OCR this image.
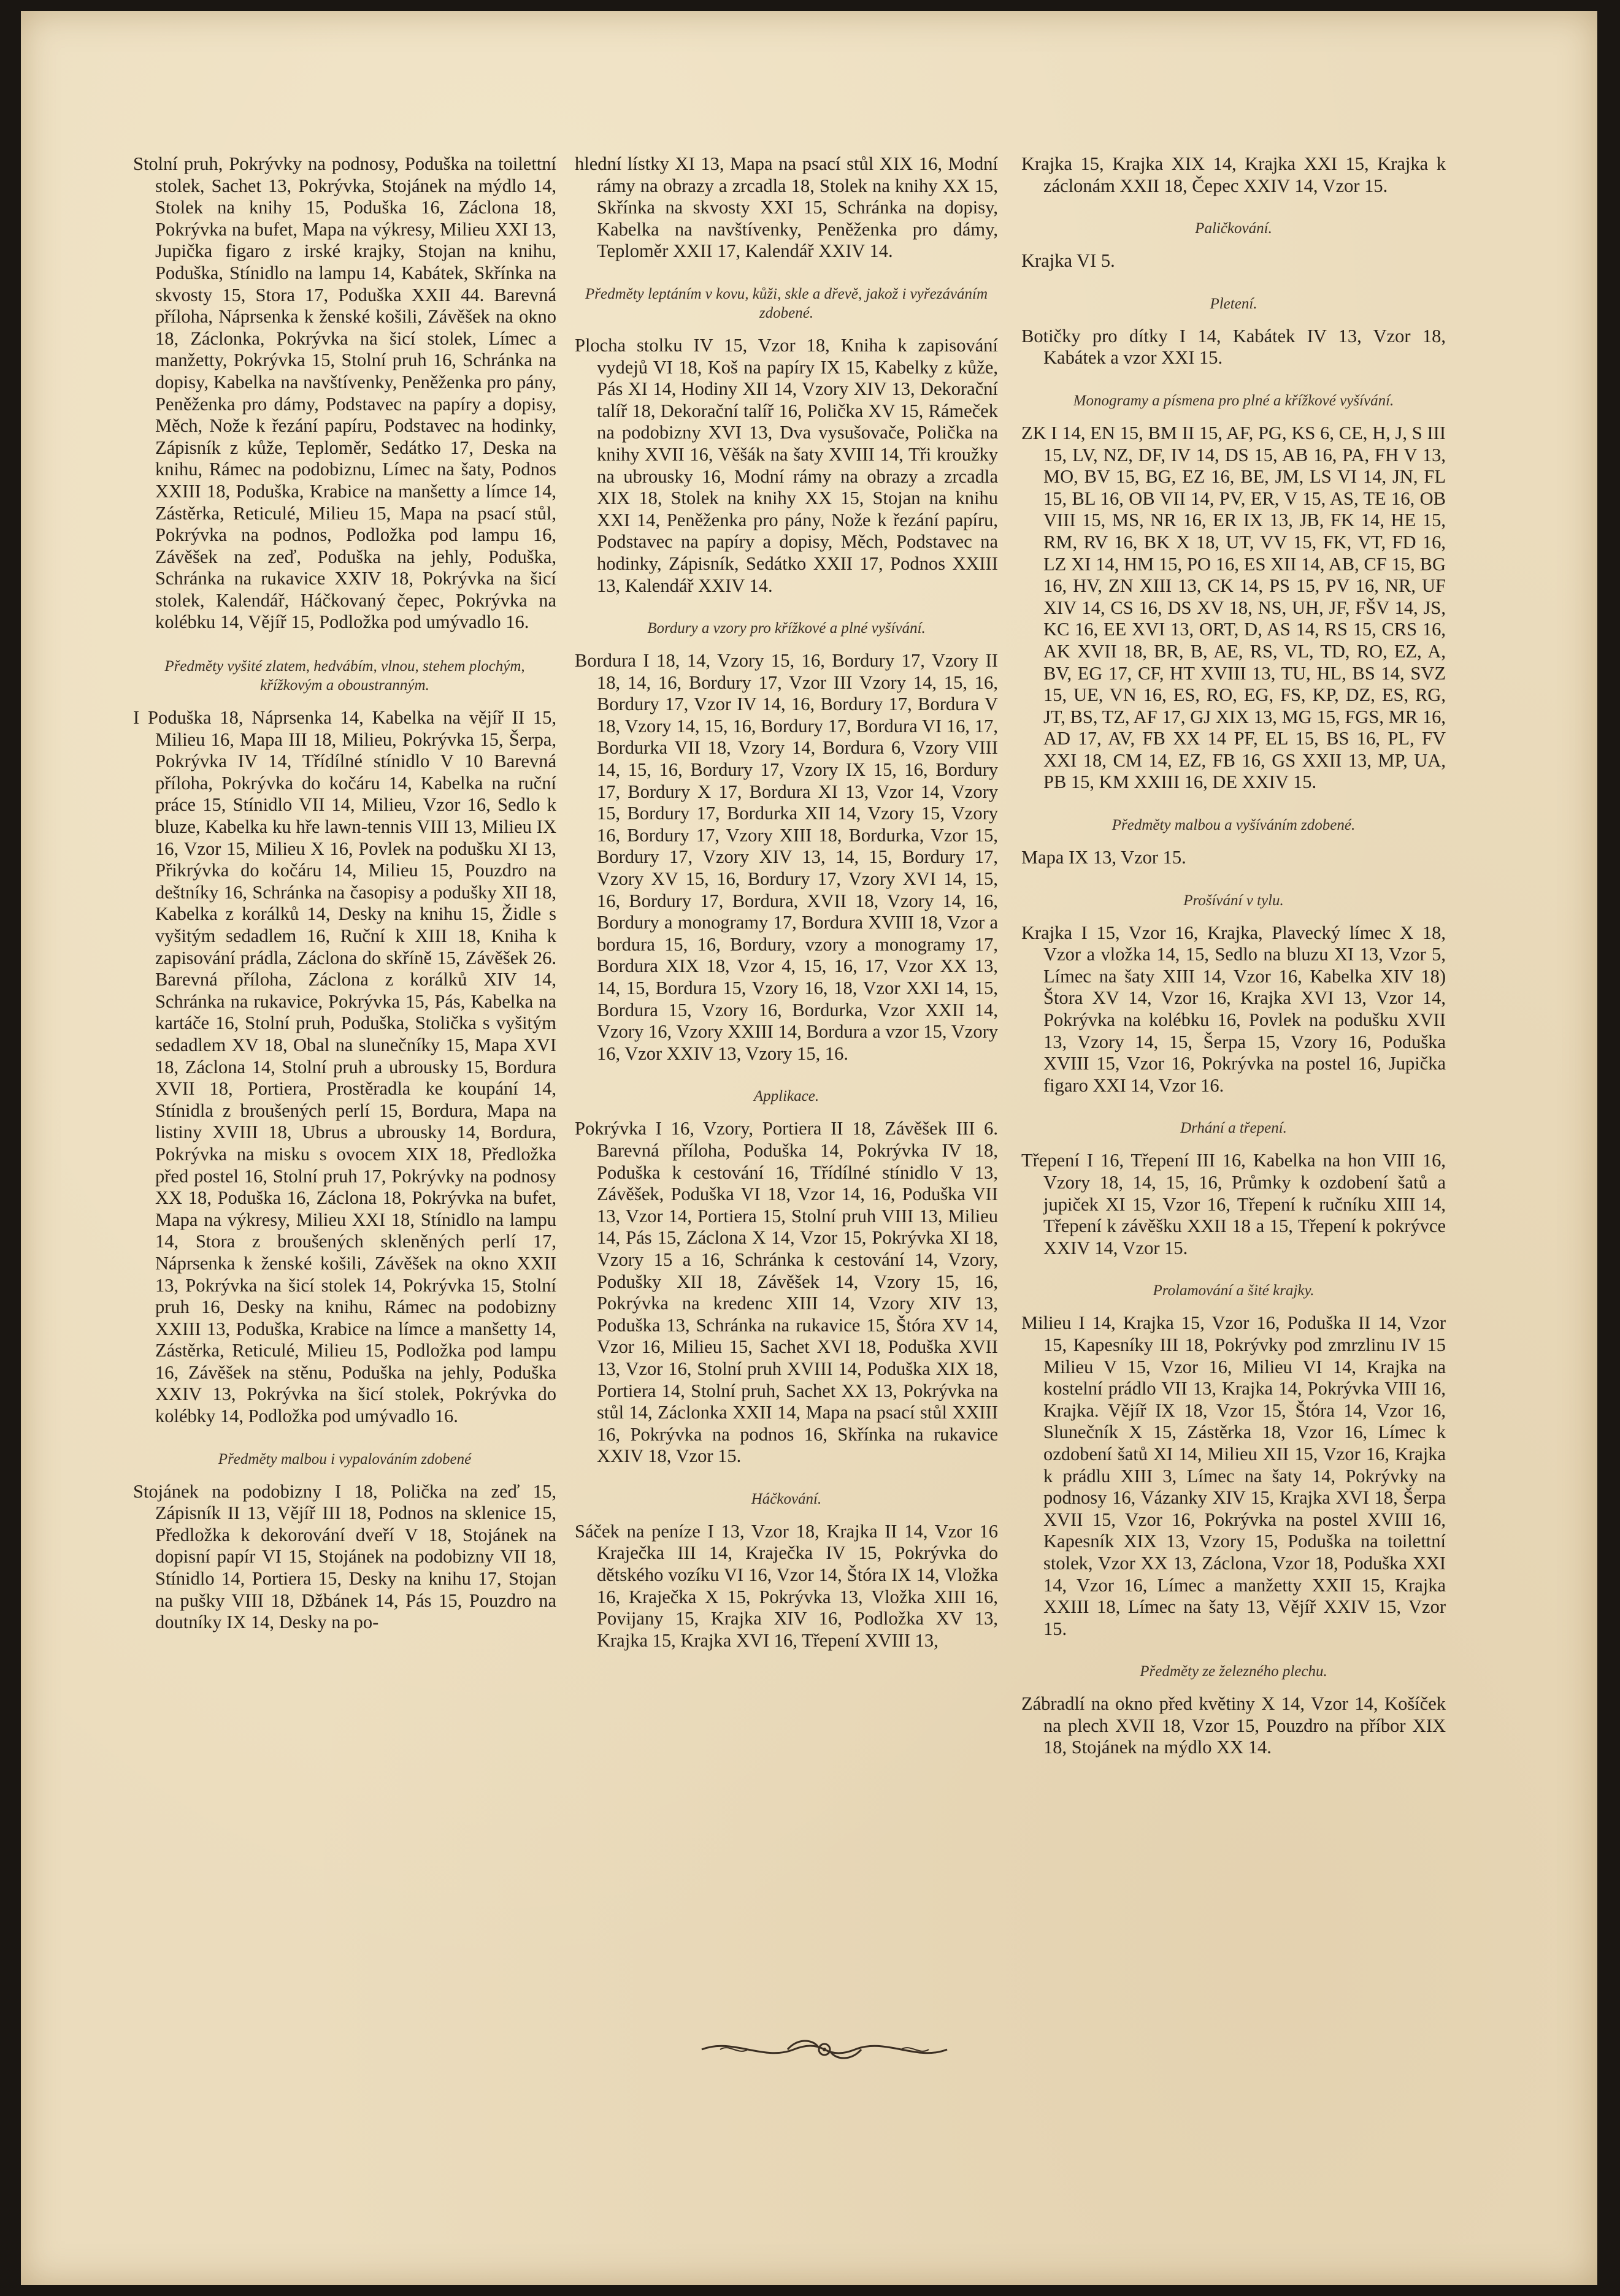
Stolní pruh, Pokrývky na podnosy, Poduška na toilettní stolek, Sachet 13, Pokrývka, Stojánek na mýdlo 14, Stolek na knihy 15, Poduška 16, Záclona 18, Pokrývka na bufet, Mapa na výkresy, Milieu XXI 13, Jupička figaro z irské krajky, Stojan na knihu, Poduška, Stínidlo na lampu 14, Kabátek, Skřínka na skvosty 15, Stora 17, Poduška XXII 44. Barevná příloha, Náprsenka k ženské košili, Závěšek na okno 18, Záclonka, Pokrývka na šicí stolek, Límec a manžetty, Pokrývka 15, Stolní pruh 16, Schránka na dopisy, Kabelka na navštívenky, Peněženka pro pány, Peněženka pro dámy, Podstavec na papíry a dopisy, Měch, Nože k řezání papíru, Podstavec na hodinky, Zápisník z kůže, Teploměr, Sedátko 17, Deska na knihu, Rámec na podobiznu, Límec na šaty, Podnos XXIII 18, Poduška, Krabice na manšetty a límce 14, Zástěrka, Reticulé, Milieu 15, Mapa na psací stůl, Pokrývka na podnos, Podložka pod lampu 16, Závěšek na zeď, Poduška na jehly, Poduška, Schránka na rukavice XXIV 18, Pokrývka na šicí stolek, Kalendář, Háčkovaný čepec, Pokrývka na kolébku 14, Vějíř 15, Podložka pod umývadlo 16.

Předměty vyšité zlatem, hedvábím, vlnou, stehem plochým, křížkovým a oboustranným.

I Poduška 18, Náprsenka 14, Kabelka na vějíř II 15, Milieu 16, Mapa III 18, Milieu, Pokrývka 15, Šerpa, Pokrývka IV 14, Třídílné stínidlo V 10 Barevná příloha, Pokrývka do kočáru 14, Kabelka na ruční práce 15, Stínidlo VII 14, Milieu, Vzor 16, Sedlo k bluze, Kabelka ku hře lawn-tennis VIII 13, Milieu IX 16, Vzor 15, Milieu X 16, Povlek na podušku XI 13, Přikrývka do kočáru 14, Milieu 15, Pouzdro na deštníky 16, Schránka na časopisy a podušky XII 18, Kabelka z korálků 14, Desky na knihu 15, Židle s vyšitým sedadlem 16, Ruční k XIII 18, Kniha k zapisování prádla, Záclona do skříně 15, Závěšek 26. Barevná příloha, Záclona z korálků XIV 14, Schránka na rukavice, Pokrývka 15, Pás, Kabelka na kartáče 16, Stolní pruh, Poduška, Stolička s vyšitým sedadlem XV 18, Obal na slunečníky 15, Mapa XVI 18, Záclona 14, Stolní pruh a ubrousky 15, Bordura XVII 18, Portiera, Prostěradla ke koupání 14, Stínidla z broušených perlí 15, Bordura, Mapa na listiny XVIII 18, Ubrus a ubrousky 14, Bordura, Pokrývka na misku s ovocem XIX 18, Předložka před postel 16, Stolní pruh 17, Pokrývky na podnosy XX 18, Poduška 16, Záclona 18, Pokrývka na bufet, Mapa na výkresy, Milieu XXI 18, Stínidlo na lampu 14, Stora z broušených skleněných perlí 17, Náprsenka k ženské košili, Závěšek na okno XXII 13, Pokrývka na šicí stolek 14, Pokrývka 15, Stolní pruh 16, Desky na knihu, Rámec na podobizny XXIII 13, Poduška, Krabice na límce a manšetty 14, Zástěrka, Reticulé, Milieu 15, Podložka pod lampu 16, Závěšek na stěnu, Poduška na jehly, Poduška XXIV 13, Pokrývka na šicí stolek, Pokrývka do kolébky 14, Podložka pod umývadlo 16.

Předměty malbou i vypalováním zdobené

Stojánek na podobizny I 18, Polička na zeď 15, Zápisník II 13, Vějíř III 18, Podnos na sklenice 15, Předložka k dekorování dveří V 18, Stojánek na dopisní papír VI 15, Stojánek na podobizny VII 18, Stínidlo 14, Portiera 15, Desky na knihu 17, Stojan na pušky VIII 18, Džbánek 14, Pás 15, Pouzdro na doutníky IX 14, Desky na po-

hlední lístky XI 13, Mapa na psací stůl XIX 16, Modní rámy na obrazy a zrcadla 18, Stolek na knihy XX 15, Skřínka na skvosty XXI 15, Schránka na dopisy, Kabelka na navštívenky, Peněženka pro dámy, Teploměr XXII 17, Kalendář XXIV 14.

Předměty leptáním v kovu, kůži, skle a dřevě, jakož i vyřezáváním zdobené.

Plocha stolku IV 15, Vzor 18, Kniha k zapisování vydejů VI 18, Koš na papíry IX 15, Kabelky z kůže, Pás XI 14, Hodiny XII 14, Vzory XIV 13, Dekorační talíř 18, Dekorační talíř 16, Polička XV 15, Rámeček na podobizny XVI 13, Dva vysušovače, Polička na knihy XVII 16, Věšák na šaty XVIII 14, Tři kroužky na ubrousky 16, Modní rámy na obrazy a zrcadla XIX 18, Stolek na knihy XX 15, Stojan na knihu XXI 14, Peněženka pro pány, Nože k řezání papíru, Podstavec na papíry a dopisy, Měch, Podstavec na hodinky, Zápisník, Sedátko XXII 17, Podnos XXIII 13, Kalendář XXIV 14.

Bordury a vzory pro křížkové a plné vyšívání.

Bordura I 18, 14, Vzory 15, 16, Bordury 17, Vzory II 18, 14, 16, Bordury 17, Vzor III Vzory 14, 15, 16, Bordury 17, Vzor IV 14, 16, Bordury 17, Bordura V 18, Vzory 14, 15, 16, Bordury 17, Bordura VI 16, 17, Bordurka VII 18, Vzory 14, Bordura 6, Vzory VIII 14, 15, 16, Bordury 17, Vzory IX 15, 16, Bordury 17, Bordury X 17, Bordura XI 13, Vzor 14, Vzory 15, Bordury 17, Bordurka XII 14, Vzory 15, Vzory 16, Bordury 17, Vzory XIII 18, Bordurka, Vzor 15, Bordury 17, Vzory XIV 13, 14, 15, Bordury 17, Vzory XV 15, 16, Bordury 17, Vzory XVI 14, 15, 16, Bordury 17, Bordura, XVII 18, Vzory 14, 16, Bordury a monogramy 17, Bordura XVIII 18, Vzor a bordura 15, 16, Bordury, vzory a monogramy 17, Bordura XIX 18, Vzor 4, 15, 16, 17, Vzor XX 13, 14, 15, Bordura 15, Vzory 16, 18, Vzor XXI 14, 15, Bordura 15, Vzory 16, Bordurka, Vzor XXII 14, Vzory 16, Vzory XXIII 14, Bordura a vzor 15, Vzory 16, Vzor XXIV 13, Vzory 15, 16.

Applikace.

Pokrývka I 16, Vzory, Portiera II 18, Závěšek III 6. Barevná příloha, Poduška 14, Pokrývka IV 18, Poduška k cestování 16, Třídílné stínidlo V 13, Závěšek, Poduška VI 18, Vzor 14, 16, Poduška VII 13, Vzor 14, Portiera 15, Stolní pruh VIII 13, Milieu 14, Pás 15, Záclona X 14, Vzor 15, Pokrývka XI 18, Vzory 15 a 16, Schránka k cestování 14, Vzory, Podušky XII 18, Závěšek 14, Vzory 15, 16, Pokrývka na kredenc XIII 14, Vzory XIV 13, Poduška 13, Schránka na rukavice 15, Štóra XV 14, Vzor 16, Milieu 15, Sachet XVI 18, Poduška XVII 13, Vzor 16, Stolní pruh XVIII 14, Poduška XIX 18, Portiera 14, Stolní pruh, Sachet XX 13, Pokrývka na stůl 14, Záclonka XXII 14, Mapa na psací stůl XXIII 16, Pokrývka na podnos 16, Skřínka na rukavice XXIV 18, Vzor 15.

Háčkování.

Sáček na peníze I 13, Vzor 18, Krajka II 14, Vzor 16 Kraječka III 14, Kraječka IV 15, Pokrývka do dětského vozíku VI 16, Vzor 14, Štóra IX 14, Vložka 16, Kraječka X 15, Pokrývka 13, Vložka XIII 16, Povijany 15, Krajka XIV 16, Podložka XV 13, Krajka 15, Krajka XVI 16, Třepení XVIII 13,

Krajka 15, Krajka XIX 14, Krajka XXI 15, Krajka k záclonám XXII 18, Čepec XXIV 14, Vzor 15.

Paličkování.

Krajka VI 5.

Pletení.

Botičky pro dítky I 14, Kabátek IV 13, Vzor 18, Kabátek a vzor XXI 15.

Monogramy a písmena pro plné a křížkové vyšívání.

ZK I 14, EN 15, BM II 15, AF, PG, KS 6, CE, H, J, S III 15, LV, NZ, DF, IV 14, DS 15, AB 16, PA, FH V 13, MO, BV 15, BG, EZ 16, BE, JM, LS VI 14, JN, FL 15, BL 16, OB VII 14, PV, ER, V 15, AS, TE 16, OB VIII 15, MS, NR 16, ER IX 13, JB, FK 14, HE 15, RM, RV 16, BK X 18, UT, VV 15, FK, VT, FD 16, LZ XI 14, HM 15, PO 16, ES XII 14, AB, CF 15, BG 16, HV, ZN XIII 13, CK 14, PS 15, PV 16, NR, UF XIV 14, CS 16, DS XV 18, NS, UH, JF, FŠV 14, JS, KC 16, EE XVI 13, ORT, D, AS 14, RS 15, CRS 16, AK XVII 18, BR, B, AE, RS, VL, TD, RO, EZ, A, BV, EG 17, CF, HT XVIII 13, TU, HL, BS 14, SVZ 15, UE, VN 16, ES, RO, EG, FS, KP, DZ, ES, RG, JT, BS, TZ, AF 17, GJ XIX 13, MG 15, FGS, MR 16, AD 17, AV, FB XX 14 PF, EL 15, BS 16, PL, FV XXI 18, CM 14, EZ, FB 16, GS XXII 13, MP, UA, PB 15, KM XXIII 16, DE XXIV 15.

Předměty malbou a vyšíváním zdobené.

Mapa IX 13, Vzor 15.

Prošívání v tylu.

Krajka I 15, Vzor 16, Krajka, Plavecký límec X 18, Vzor a vložka 14, 15, Sedlo na bluzu XI 13, Vzor 5, Límec na šaty XIII 14, Vzor 16, Kabelka XIV 18) Štora XV 14, Vzor 16, Krajka XVI 13, Vzor 14, Pokrývka na kolébku 16, Povlek na podušku XVII 13, Vzory 14, 15, Šerpa 15, Vzory 16, Poduška XVIII 15, Vzor 16, Pokrývka na postel 16, Jupička figaro XXI 14, Vzor 16.

Drhání a třepení.

Třepení I 16, Třepení III 16, Kabelka na hon VIII 16, Vzory 18, 14, 15, 16, Průmky k ozdobení šatů a jupiček XI 15, Vzor 16, Třepení k ručníku XIII 14, Třepení k závěšku XXII 18 a 15, Třepení k pokrývce XXIV 14, Vzor 15.

Prolamování a šité krajky.

Milieu I 14, Krajka 15, Vzor 16, Poduška II 14, Vzor 15, Kapesníky III 18, Pokrývky pod zmrzlinu IV 15 Milieu V 15, Vzor 16, Milieu VI 14, Krajka na kostelní prádlo VII 13, Krajka 14, Pokrývka VIII 16, Krajka. Vějíř IX 18, Vzor 15, Štóra 14, Vzor 16, Slunečník X 15, Zástěrka 18, Vzor 16, Límec k ozdobení šatů XI 14, Milieu XII 15, Vzor 16, Krajka k prádlu XIII 3, Límec na šaty 14, Pokrývky na podnosy 16, Vázanky XIV 15, Krajka XVI 18, Šerpa XVII 15, Vzor 16, Pokrývka na postel XVIII 16, Kapesník XIX 13, Vzory 15, Poduška na toilettní stolek, Vzor XX 13, Záclona, Vzor 18, Poduška XXI 14, Vzor 16, Límec a manžetty XXII 15, Krajka XXIII 18, Límec na šaty 13, Vějíř XXIV 15, Vzor 15.

Předměty ze železného plechu.

Zábradlí na okno před květiny X 14, Vzor 14, Košíček na plech XVII 18, Vzor 15, Pouzdro na příbor XIX 18, Stojánek na mýdlo XX 14.
